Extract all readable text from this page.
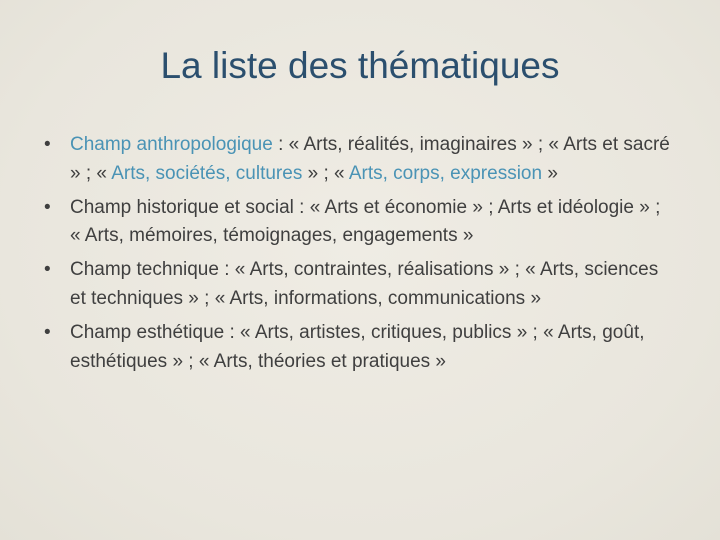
La liste des thématiques
• Champ anthropologique : « Arts, réalités, imaginaires » ; « Arts et sacré » ; « Arts, sociétés, cultures » ; « Arts, corps, expression »
• Champ historique et social : « Arts et économie » ; Arts et idéologie » ; « Arts, mémoires, témoignages, engagements »
• Champ technique : « Arts, contraintes, réalisations » ; « Arts, sciences et techniques » ; « Arts, informations, communications »
• Champ esthétique : « Arts, artistes, critiques, publics » ; « Arts, goût, esthétiques » ; « Arts, théories et pratiques »
